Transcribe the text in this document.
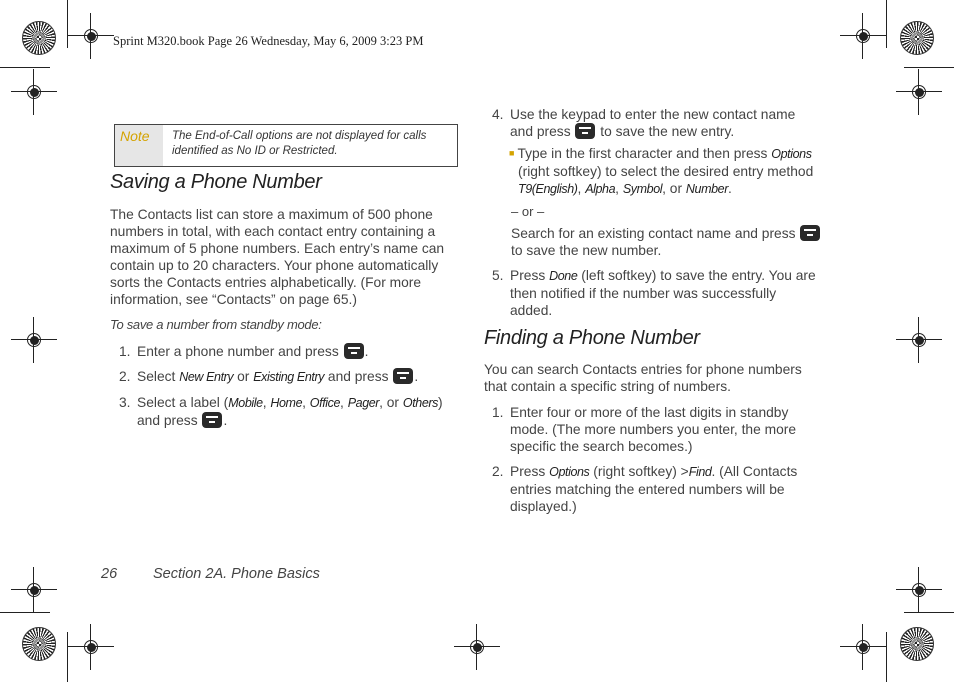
Sprint M320.book Page 26 Wednesday, May 6, 2009 3:23 PM
Note	The End-of-Call options are not displayed for calls
identified as No ID or Restricted.
Saving a Phone Number
The Contacts list can store a maximum of 500 phone
numbers in total, with each contact entry containing a
maximum of 5 phone numbers. Each entry’s name can
contain up to 20 characters. Your phone automatically
sorts the Contacts entries alphabetically. (For more
information, see “Contacts” on page 65.)
To save a number from standby mode:
1. Enter a phone number and press .
2. Select New Entry or Existing Entry and press .
3. Select a label (Mobile, Home, Office, Pager, or Others)
and press .
4. Use the keypad to enter the new contact name
and press to save the new entry.
■ Type in the first character and then press Options
(right softkey) to select the desired entry method
T9(English), Alpha, Symbol, or Number.
– or –
Search for an existing contact name and press
to save the new number.
5. Press Done (left softkey) to save the entry. You are
then notified if the number was successfully
added.
Finding a Phone Number
You can search Contacts entries for phone numbers
that contain a specific string of numbers.
1. Enter four or more of the last digits in standby
mode. (The more numbers you enter, the more
specific the search becomes.)
2. Press Options (right softkey) >Find. (All Contacts
entries matching the entered numbers will be
displayed.)
26 Section 2A. Phone Basics
